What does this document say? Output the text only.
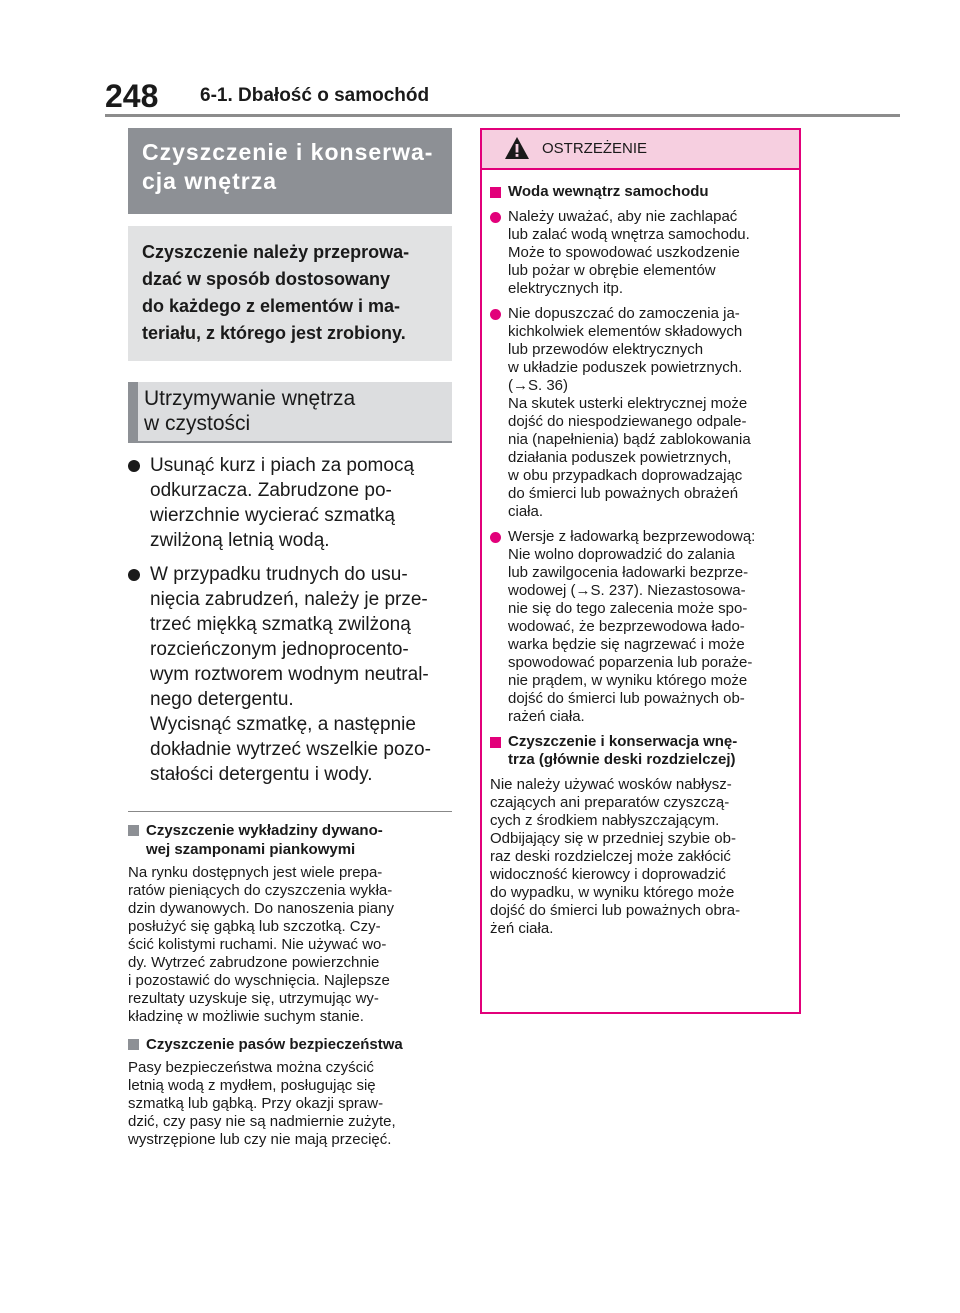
248 6-1. Dbałość o samochód
Czyszczenie i konserwa-
cja wnętrza
Czyszczenie należy przeprowa-
dzać w sposób dostosowany
do każdego z elementów i ma-
teriału, z którego jest zrobiony.
Utrzymywanie wnętrza
w czystości
Usunąć kurz i piach za pomocą
odkurzacza. Zabrudzone po-
wierzchnie wycierać szmatką
zwilżoną letnią wodą.
W przypadku trudnych do usu-
nięcia zabrudzeń, należy je prze-
trzeć miękką szmatką zwilżoną
rozcieńczonym jednoprocento-
wym roztworem wodnym neutral-
nego detergentu.
Wycisnąć szmatkę, a następnie
dokładnie wytrzeć wszelkie pozo-
stałości detergentu i wody.
Czyszczenie wykładziny dywano-
wej szamponami piankowymi
Na rynku dostępnych jest wiele prepa-
ratów pieniących do czyszczenia wykła-
dzin dywanowych. Do nanoszenia piany
posłużyć się gąbką lub szczotką. Czy-
ścić kolistymi ruchami. Nie używać wo-
dy. Wytrzeć zabrudzone powierzchnie
i pozostawić do wyschnięcia. Najlepsze
rezultaty uzyskuje się, utrzymując wy-
kładzinę w możliwie suchym stanie.
Czyszczenie pasów bezpieczeństwa
Pasy bezpieczeństwa można czyścić
letnią wodą z mydłem, posługując się
szmatką lub gąbką. Przy okazji spraw-
dzić, czy pasy nie są nadmiernie zużyte,
wystrzępione lub czy nie mają przecięć.
OSTRZEŻENIE
Woda wewnątrz samochodu
Należy uważać, aby nie zachlapać
lub zalać wodą wnętrza samochodu.
Może to spowodować uszkodzenie
lub pożar w obrębie elementów
elektrycznych itp.
Nie dopuszczać do zamoczenia ja-
kichkolwiek elementów składowych
lub przewodów elektrycznych
w układzie poduszek powietrznych.
(→S. 36)
Na skutek usterki elektrycznej może
dojść do niespodziewanego odpale-
nia (napełnienia) bądź zablokowania
działania poduszek powietrznych,
w obu przypadkach doprowadzając
do śmierci lub poważnych obrażeń
ciała.
Wersje z ładowarką bezprzewodową:
Nie wolno doprowadzić do zalania
lub zawilgocenia ładowarki bezprze-
wodowej (→S. 237). Niezastosowa-
nie się do tego zalecenia może spo-
wodować, że bezprzewodowa łado-
warka będzie się nagrzewać i może
spowodować poparzenia lub poraże-
nie prądem, w wyniku którego może
dojść do śmierci lub poważnych ob-
rażeń ciała.
Czyszczenie i konserwacja wnę-
trza (głównie deski rozdzielczej)
Nie należy używać wosków nabłysz-
czających ani preparatów czyszczą-
cych z środkiem nabłyszczającym.
Odbijający się w przedniej szybie ob-
raz deski rozdzielczej może zakłócić
widoczność kierowcy i doprowadzić
do wypadku, w wyniku którego może
dojść do śmierci lub poważnych obra-
żeń ciała.
